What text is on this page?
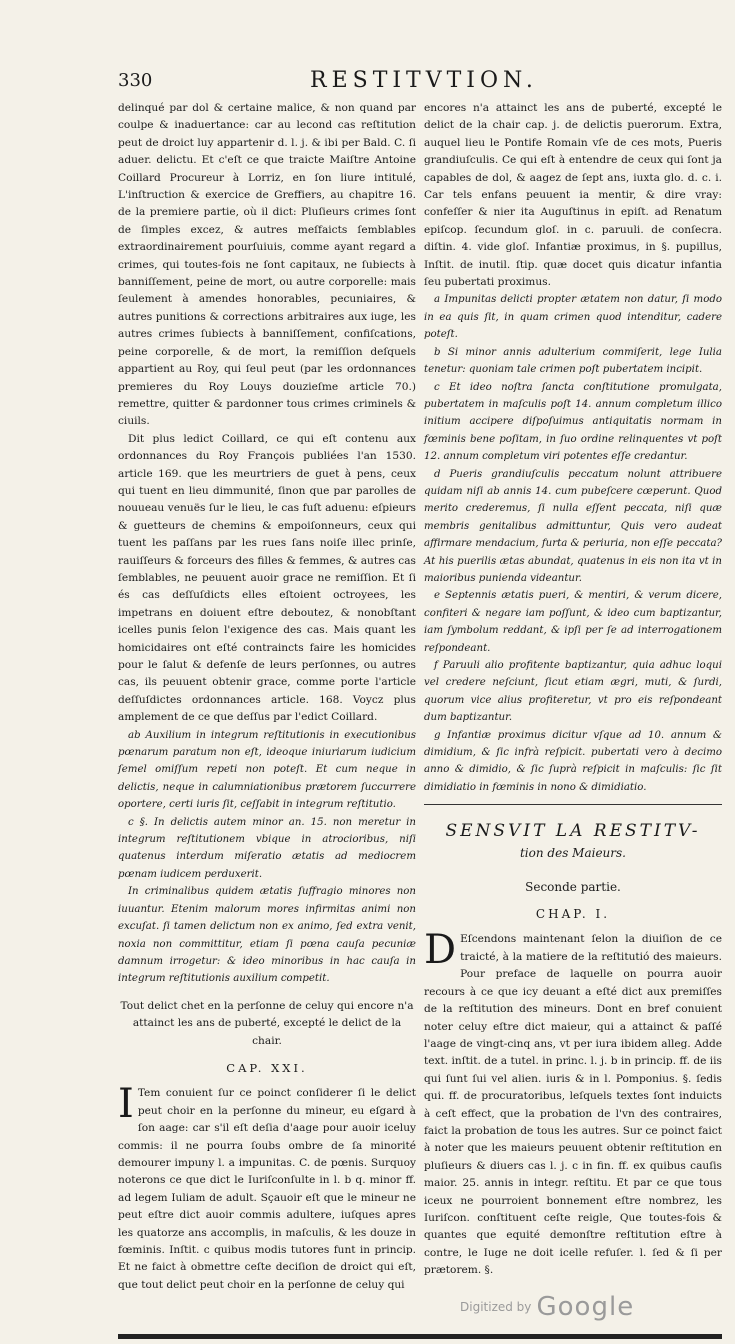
330	RESTITVTION.

delinqué par dol & certaine malice, & non quand par coulpe & inaduertance: car au lecond cas reſtitution peut de droict luy appartenir d. l. j. & ibi per Bald. C. ſi aduer. delictu. Et c'eſt ce que traicte Maiſtre Antoine Coillard Procureur à Lorriz, en ſon liure intitulé, L'inſtruction & exercice de Greffiers, au chapitre 16. de la premiere partie, où il dict: Pluſieurs crimes ſont de ſimples excez, & autres meſfaicts ſemblables extraordinairement pourſuiuis, comme ayant regard a crimes, qui toutes-fois ne ſont capitaux, ne ſubiects à banniſſement, peine de mort, ou autre corporelle: mais ſeulement à amendes honorables, pecuniaires, & autres punitions & corrections arbitraires aux iuge, les autres crimes ſubiects à banniſſement, confiſcations, peine corporelle, & de mort, la remiſſion deſquels appartient au Roy, qui ſeul peut (par les ordonnances premieres du Roy Louys douzieſme article 70.) remettre, quitter & pardonner tous crimes criminels & ciuils.

Dit plus ledict Coillard, ce qui eſt contenu aux ordonnances du Roy François publiées l'an 1530. article 169. que les meurtriers de guet à pens, ceux qui tuent en lieu dimmunité, ſinon que par parolles de nouueau venuës ſur le lieu, le cas fuſt aduenu: eſpieurs & guetteurs de chemins & empoiſonneurs, ceux qui tuent les paſſans par les rues ſans noiſe illec prinſe, rauiſſeurs & forceurs des filles & femmes, & autres cas ſemblables, ne peuuent auoir grace ne remiſſion. Et ſi és cas deſſuſdicts elles eſtoient octroyees, les impetrans en doiuent eſtre deboutez, & nonobſtant icelles punis ſelon l'exigence des cas. Mais quant les homicidaires ont eſté contraincts faire les homicides pour le ſalut & defenſe de leurs perſonnes, ou autres cas, ils peuuent obtenir grace, comme porte l'article deſſuſdictes ordonnances article. 168. Voycz plus amplement de ce que deſſus par l'edict Coillard.

ab Auxilium in integrum reſtitutionis in executionibus pœnarum paratum non eſt, ideoque iniuriarum iudicium ſemel omiſſum repeti non poteſt. Et cum neque in delictis, neque in calumniationibus prætorem ſuccurrere oportere, certi iuris ſit, ceſſabit in integrum reſtitutio.

c §. In delictis autem minor an. 15. non meretur in integrum reſtitutionem vbique in atrocioribus, niſi quatenus interdum miſeratio ætatis ad mediocrem pœnam iudicem perduxerit.

In criminalibus quidem ætatis ſuffragio minores non iuuantur. Etenim malorum mores infirmitas animi non excuſat. ſi tamen delictum non ex animo, ſed extra venit, noxia non committitur, etiam ſi pœna cauſa pecuniæ damnum irrogetur: & ideo minoribus in hac cauſa in integrum reſtitutionis auxilium competit.

Tout delict chet en la perſonne de celuy qui encore n'a attainct les ans de puberté, excepté le delict de la chair.

CAP. XXI.

I Tem conuient ſur ce poinct conſiderer ſi le delict peut choir en la perſonne du mineur, eu eſgard à ſon aage: car s'il eſt deſia d'aage pour auoir iceluy commis: il ne pourra ſoubs ombre de ſa minorité demourer impuny l. a impunitas. C. de pœnis. Surquoy noterons ce que dict le Iuriſconſulte in l. b q. minor ff. ad legem Iuliam de adult. Sçauoir eſt que le mineur ne peut eſtre dict auoir commis adultere, iuſques apres les quatorze ans accomplis, in maſculis, & les douze in fœminis. Inſtit. c quibus modis tutores funt in princip. Et ne faict à obmettre ceſte deciſion de droict qui eſt, que tout delict peut choir en la perſonne de celuy qui

encores n'a attainct les ans de puberté, excepté le delict de la chair cap. j. de delictis puerorum. Extra, auquel lieu le Pontife Romain vſe de ces mots, Pueris grandiuſculis. Ce qui eſt à entendre de ceux qui ſont ja capables de dol, & aagez de ſept ans, iuxta glo. d. c. i. Car tels enfans peuuent ia mentir, & dire vray: confeſſer & nier ita Auguſtinus in epiſt. ad Renatum epiſcop. ſecundum gloſ. in c. paruuli. de conſecra. diſtin. 4. vide gloſ. Infantiæ proximus, in §. pupillus, Inſtit. de inutil. ſtip. quæ docet quis dicatur infantia ſeu pubertati proximus.

a Impunitas delicti propter ætatem non datur, ſi modo in ea quis ſit, in quam crimen quod intenditur, cadere poteſt.

b Si minor annis adulterium commiſerit, lege Iulia tenetur: quoniam tale crimen poſt pubertatem incipit.

c Et ideo noſtra ſancta conſtitutione promulgata, pubertatem in maſculis poſt 14. annum completum illico initium accipere diſpoſuimus antiquitatis normam in fœminis bene poſitam, in ſuo ordine relinquentes vt poſt 12. annum completum viri potentes eſſe credantur.

d Pueris grandiuſculis peccatum nolunt attribuere quidam niſi ab annis 14. cum pubeſcere cœperunt. Quod merito crederemus, ſi nulla eſſent peccata, niſi quæ membris genitalibus admittuntur, Quis vero audeat affirmare mendacium, furta & periuria, non eſſe peccata? At his puerilis ætas abundat, quatenus in eis non ita vt in maioribus punienda videantur.

e Septennis ætatis pueri, & mentiri, & verum dicere, confiteri & negare iam poſſunt, & ideo cum baptizantur, iam ſymbolum reddant, & ipſi per ſe ad interrogationem reſpondeant.

f Paruuli alio profitente baptizantur, quia adhuc loqui vel credere neſciunt, ſicut etiam ægri, muti, & ſurdi, quorum vice alius profiteretur, vt pro eis reſpondeant dum baptizantur.

g Infantiæ proximus dicitur vſque ad 10. annum & dimidium, & ſic infrà reſpicit. pubertati vero à decimo anno & dimidio, & ſic ſuprà reſpicit in maſculis: ſic ſit dimidiatio in fœminis in nono & dimidiatio.

SENSVIT LA RESTITV-

tion des Maieurs.

Seconde partie.

CHAP. I.

D Eſcendons maintenant ſelon la diuiſion de ce traicté, à la matiere de la reſtitutió des maieurs. Pour preface de laquelle on pourra auoir recours à ce que icy deuant a eſté dict aux premiſſes de la reſtitution des mineurs. Dont en bref conuient noter celuy eſtre dict maieur, qui a attainct & paſſé l'aage de vingt-cinq ans, vt per iura ibidem alleg. Adde text. inſtit. de a tutel. in princ. l. j. b in princip. ff. de iis qui ſunt ſui vel alien. iuris & in l. Pomponius. §. ſedis qui. ff. de procuratoribus, leſquels textes ſont induicts à ceſt effect, que la probation de l'vn des contraires, faict la probation de tous les autres. Sur ce poinct faict à noter que les maieurs peuuent obtenir reſtitution en pluſieurs & diuers cas l. j. c in fin. ff. ex quibus cauſis maior. 25. annis in integr. reſtitu. Et par ce que tous iceux ne pourroient bonnement eſtre nombrez, les Iuriſcon. conſtituent ceſte reigle, Que toutes-fois & quantes que equité demonſtre reſtitution eſtre à contre, le Iuge ne doit icelle refuſer. l. ſed & ſi per prætorem. §.

Digitized by Google
